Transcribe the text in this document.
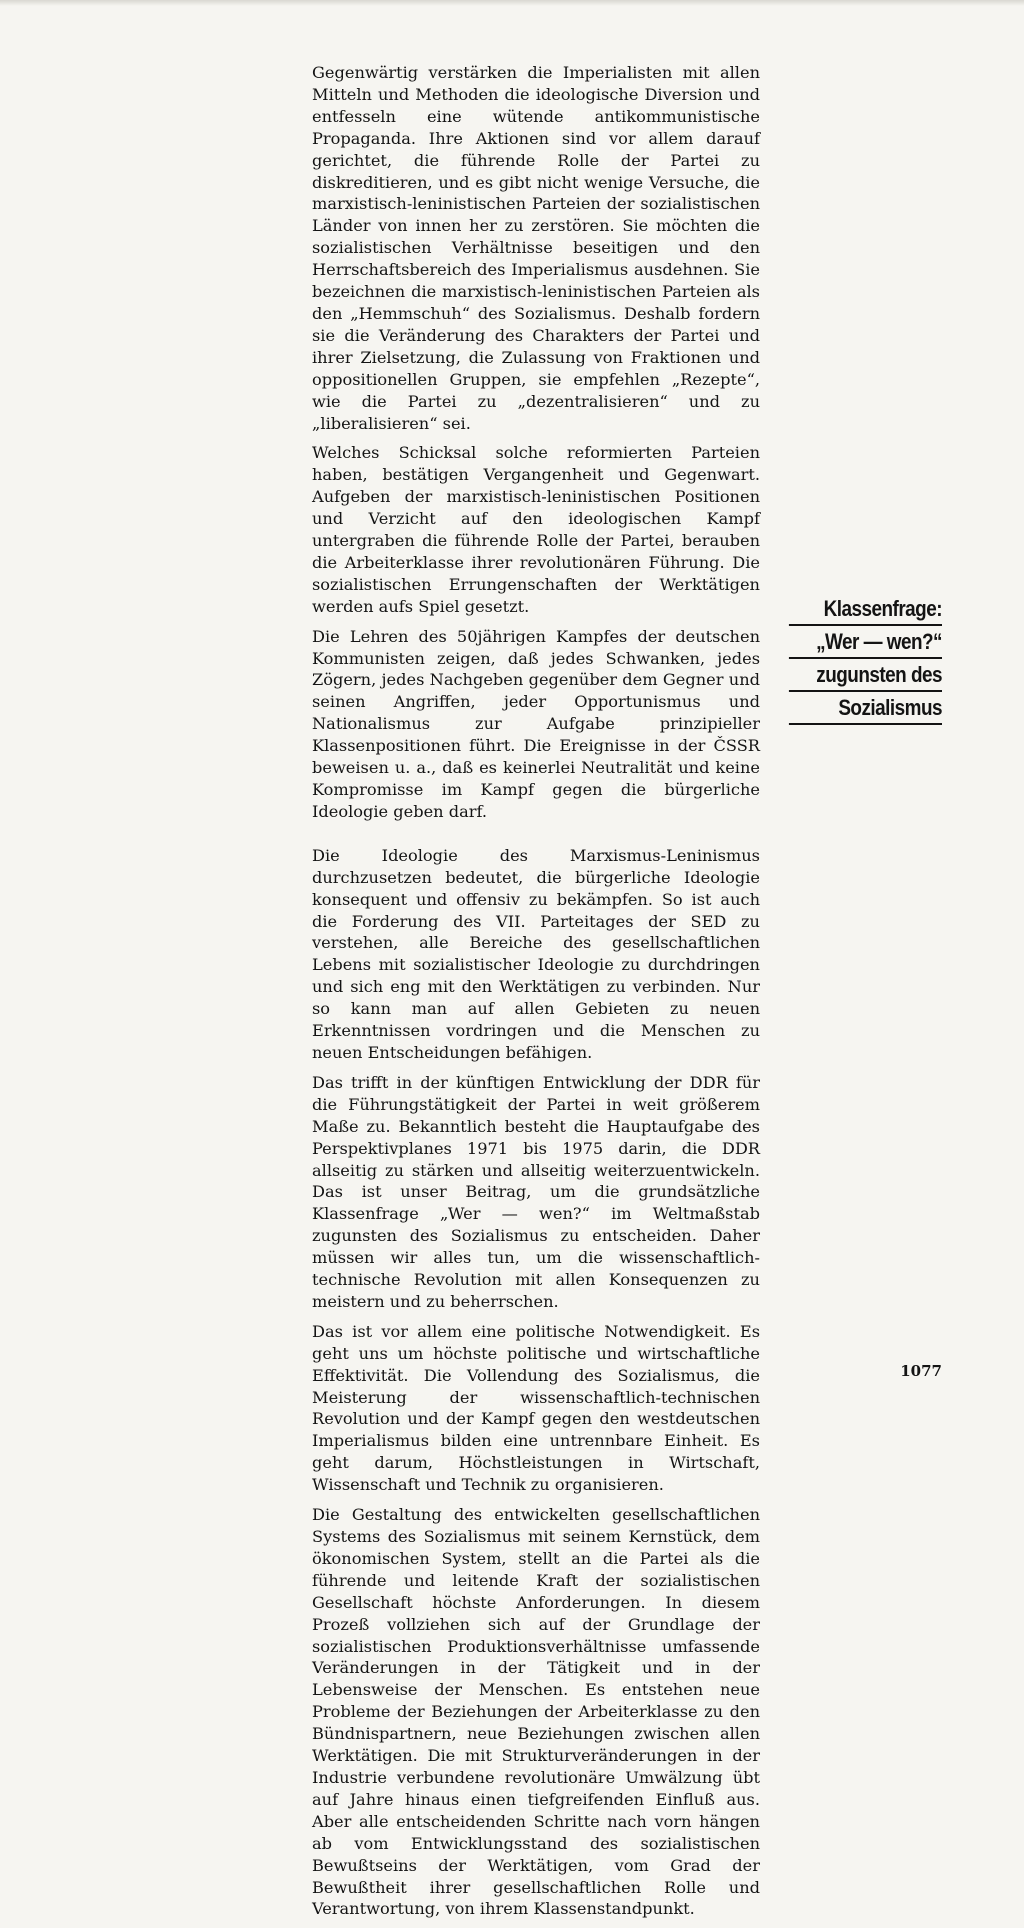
Gegenwärtig verstärken die Imperialisten mit allen Mitteln und Methoden die ideologische Diversion und entfesseln eine wütende antikommunistische Propaganda. Ihre Aktionen sind vor allem darauf gerichtet, die führende Rolle der Partei zu diskreditieren, und es gibt nicht wenige Versuche, die marxistisch-leninistischen Parteien der sozialistischen Länder von innen her zu zerstören. Sie möchten die sozialistischen Verhältnisse beseitigen und den Herrschaftsbereich des Imperialismus ausdehnen. Sie bezeichnen die marxistisch-leninistischen Parteien als den „Hemmschuh“ des Sozialismus. Deshalb fordern sie die Veränderung des Charakters der Partei und ihrer Zielsetzung, die Zulassung von Fraktionen und oppositionellen Gruppen, sie empfehlen „Rezepte“, wie die Partei zu „dezentralisieren“ und zu „liberalisieren“ sei.

Welches Schicksal solche reformierten Parteien haben, bestätigen Vergangenheit und Gegenwart. Aufgeben der marxistisch-leninistischen Positionen und Verzicht auf den ideologischen Kampf untergraben die führende Rolle der Partei, berauben die Arbeiterklasse ihrer revolutionären Führung. Die sozialistischen Errungenschaften der Werktätigen werden aufs Spiel gesetzt.

Die Lehren des 50jährigen Kampfes der deutschen Kommunisten zeigen, daß jedes Schwanken, jedes Zögern, jedes Nachgeben gegenüber dem Gegner und seinen Angriffen, jeder Opportunismus und Nationalismus zur Aufgabe prinzipieller Klassenpositionen führt. Die Ereignisse in der ČSSR beweisen u. a., daß es keinerlei Neutralität und keine Kompromisse im Kampf gegen die bürgerliche Ideologie geben darf.

Die Ideologie des Marxismus-Leninismus durchzusetzen bedeutet, die bürgerliche Ideologie konsequent und offensiv zu bekämpfen. So ist auch die Forderung des VII. Parteitages der SED zu verstehen, alle Bereiche des gesellschaftlichen Lebens mit sozialistischer Ideologie zu durchdringen und sich eng mit den Werktätigen zu verbinden. Nur so kann man auf allen Gebieten zu neuen Erkenntnissen vordringen und die Menschen zu neuen Entscheidungen befähigen.

Das trifft in der künftigen Entwicklung der DDR für die Führungstätigkeit der Partei in weit größerem Maße zu. Bekanntlich besteht die Hauptaufgabe des Perspektivplanes 1971 bis 1975 darin, die DDR allseitig zu stärken und allseitig weiterzuentwickeln. Das ist unser Beitrag, um die grundsätzliche Klassenfrage „Wer — wen?“ im Weltmaßstab zugunsten des Sozialismus zu entscheiden. Daher müssen wir alles tun, um die wissenschaftlich-technische Revolution mit allen Konsequenzen zu meistern und zu beherrschen.

Das ist vor allem eine politische Notwendigkeit. Es geht uns um höchste politische und wirtschaftliche Effektivität. Die Vollendung des Sozialismus, die Meisterung der wissenschaftlich-technischen Revolution und der Kampf gegen den westdeutschen Imperialismus bilden eine untrennbare Einheit. Es geht darum, Höchstleistungen in Wirtschaft, Wissenschaft und Technik zu organisieren.

Die Gestaltung des entwickelten gesellschaftlichen Systems des Sozialismus mit seinem Kernstück, dem ökonomischen System, stellt an die Partei als die führende und leitende Kraft der sozialistischen Gesellschaft höchste Anforderungen. In diesem Prozeß vollziehen sich auf der Grundlage der sozialistischen Produktionsverhältnisse umfassende Veränderungen in der Tätigkeit und in der Lebensweise der Menschen. Es entstehen neue Probleme der Beziehungen der Arbeiterklasse zu den Bündnispartnern, neue Beziehungen zwischen allen Werktätigen. Die mit Strukturveränderungen in der Industrie verbundene revolutionäre Umwälzung übt auf Jahre hinaus einen tiefgreifenden Einfluß aus. Aber alle entscheidenden Schritte nach vorn hängen ab vom Entwicklungsstand des sozialistischen Bewußtseins der Werktätigen, vom Grad der Bewußtheit ihrer gesellschaftlichen Rolle und Verantwortung, von ihrem Klassenstandpunkt.

Klassenfrage:
„Wer — wen?“
zugunsten des
Sozialismus
1077
